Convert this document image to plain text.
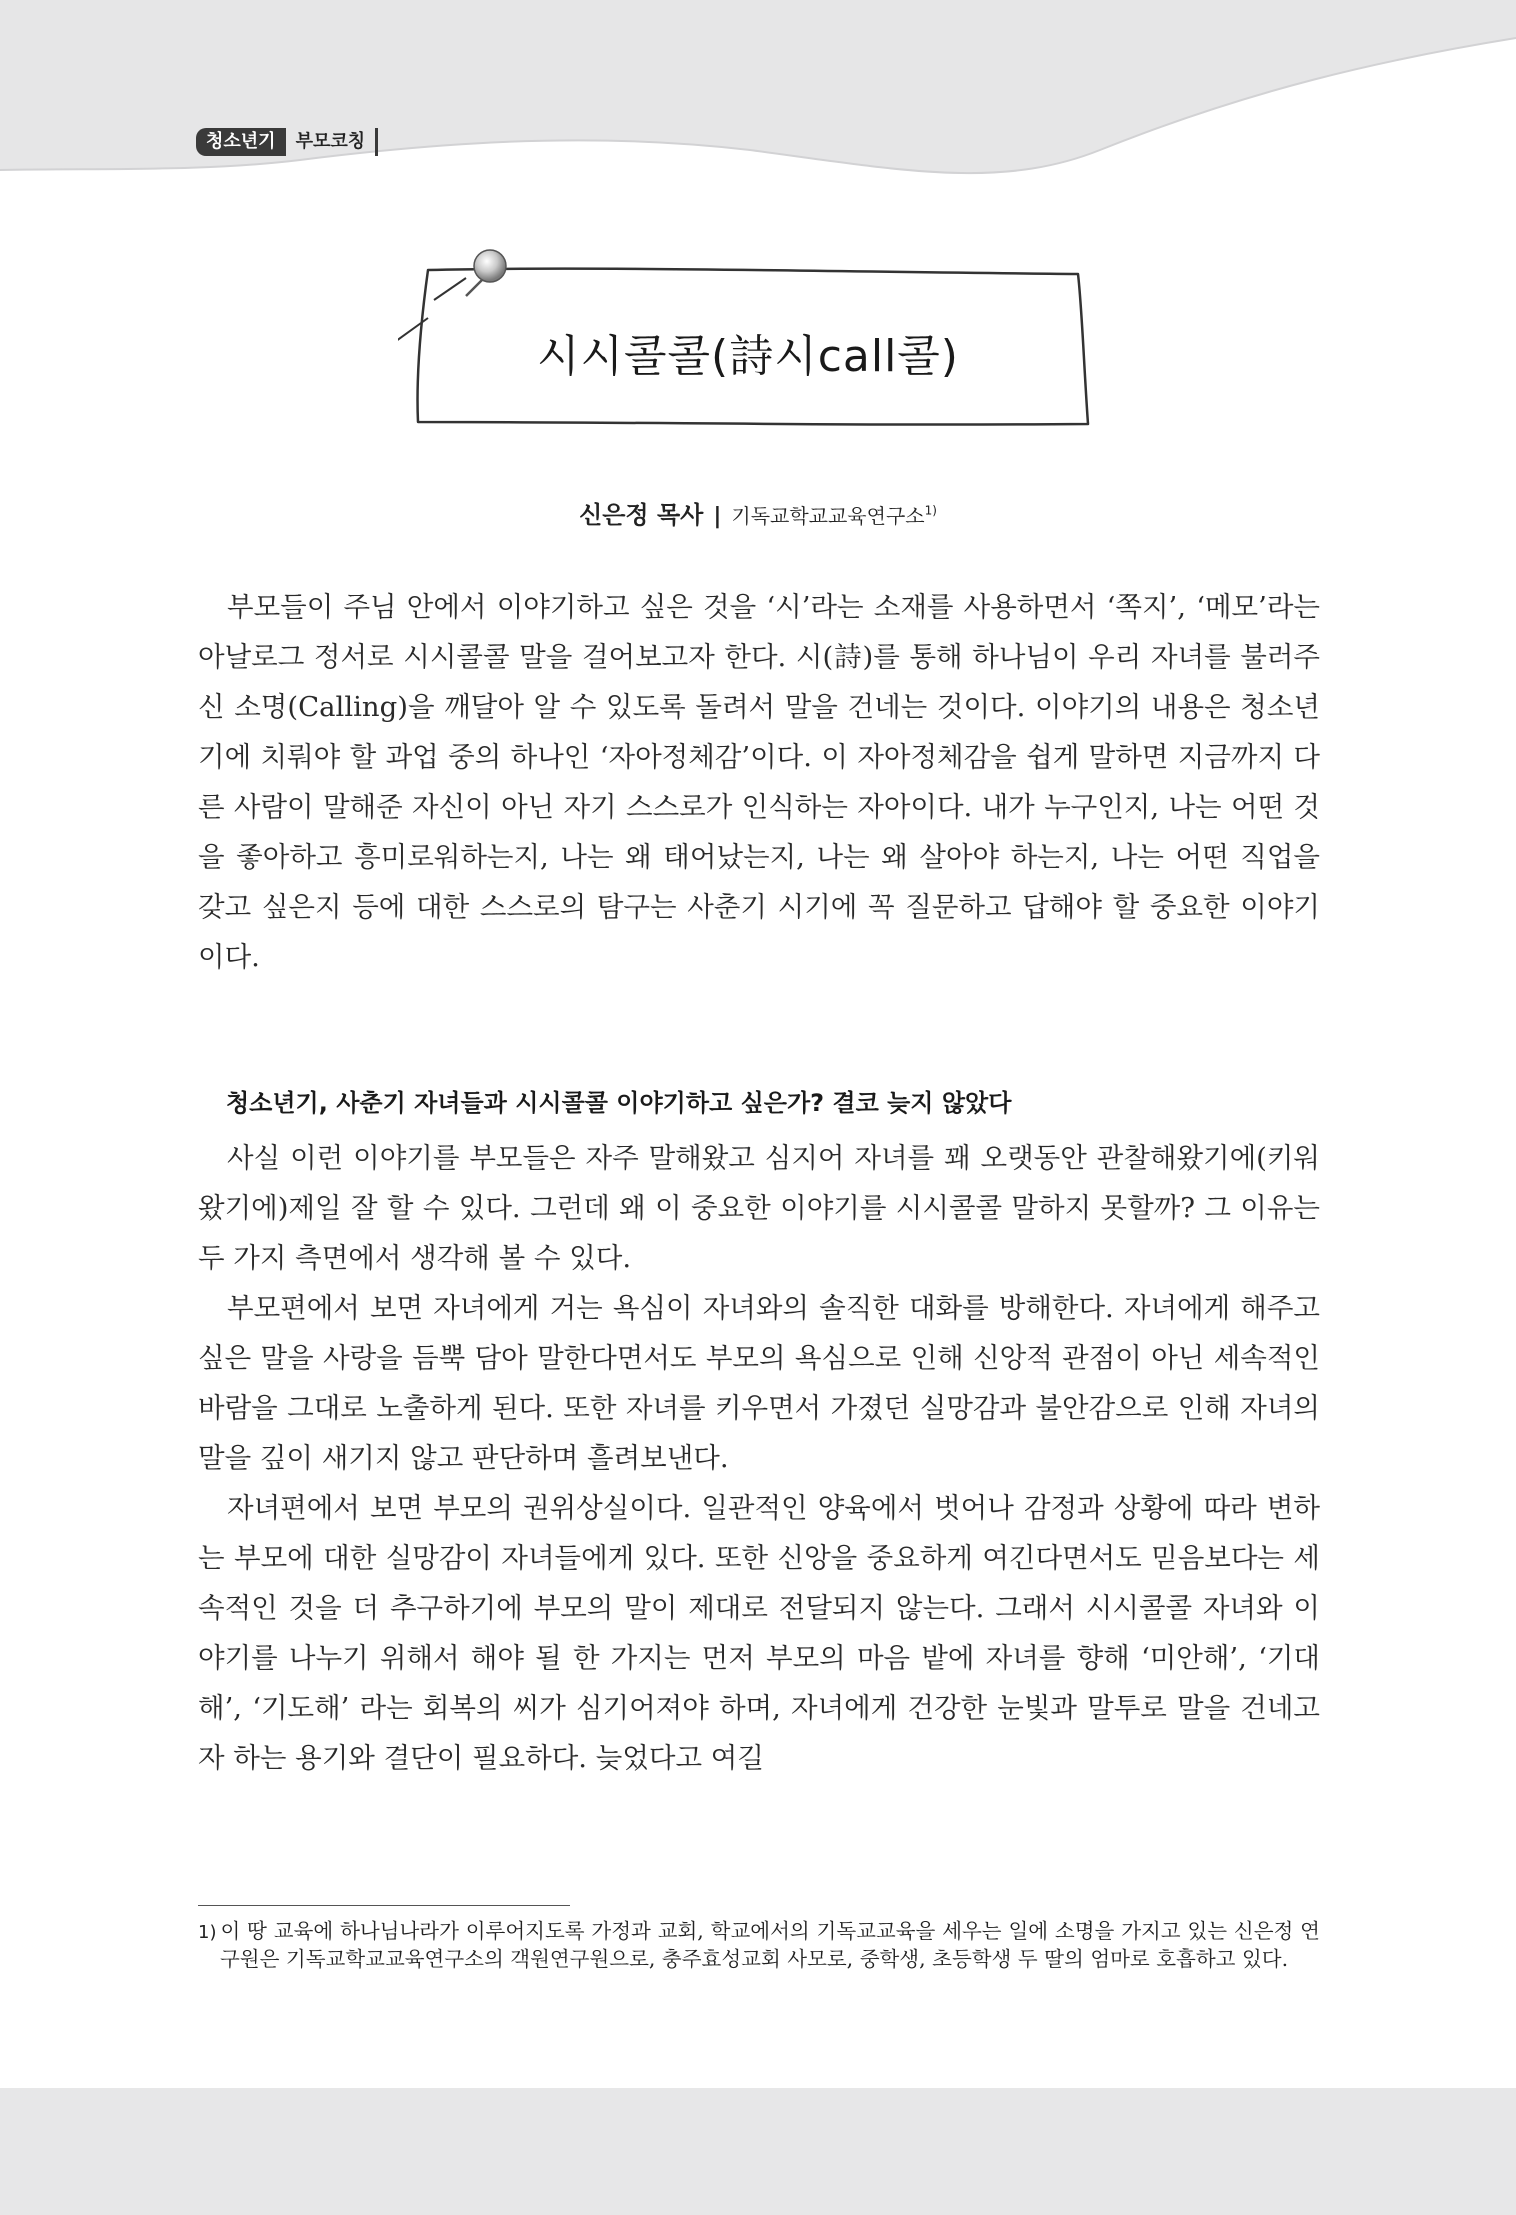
청소년기	부모코칭
시시콜콜(詩시call콜)
신은정 목사 | 기독교학교교육연구소$^{1)}$

부모들이 주님 안에서 이야기하고 싶은 것을 ‘시’라는 소재를 사용하면서 ‘쪽지’, ‘메모’라는 아날로그 정서로 시시콜콜 말을 걸어보고자 한다. 시(詩)를 통해 하나님이 우리 자녀를 불러주신 소명(Calling)을 깨달아 알 수 있도록 돌려서 말을 건네는 것이다. 이야기의 내용은 청소년기에 치뤄야 할 과업 중의 하나인 ‘자아정체감’이다. 이 자아정체감을 쉽게 말하면 지금까지 다른 사람이 말해준 자신이 아닌 자기 스스로가 인식하는 자아이다. 내가 누구인지, 나는 어떤 것을 좋아하고 흥미로워하는지, 나는 왜 태어났는지, 나는 왜 살아야 하는지, 나는 어떤 직업을 갖고 싶은지 등에 대한 스스로의 탐구는 사춘기 시기에 꼭 질문하고 답해야 할 중요한 이야기 이다.

청소년기, 사춘기 자녀들과 시시콜콜 이야기하고 싶은가? 결코 늦지 않았다

사실 이런 이야기를 부모들은 자주 말해왔고 심지어 자녀를 꽤 오랫동안 관찰해왔기에(키워왔기에)제일 잘 할 수 있다. 그런데 왜 이 중요한 이야기를 시시콜콜 말하지 못할까? 그 이유는 두 가지 측면에서 생각해 볼 수 있다.

부모편에서 보면 자녀에게 거는 욕심이 자녀와의 솔직한 대화를 방해한다. 자녀에게 해주고 싶은 말을 사랑을 듬뿍 담아 말한다면서도 부모의 욕심으로 인해 신앙적 관점이 아닌 세속적인 바람을 그대로 노출하게 된다. 또한 자녀를 키우면서 가졌던 실망감과 불안감으로 인해 자녀의 말을 깊이 새기지 않고 판단하며 흘려보낸다.

자녀편에서 보면 부모의 권위상실이다. 일관적인 양육에서 벗어나 감정과 상황에 따라 변하는 부모에 대한 실망감이 자녀들에게 있다. 또한 신앙을 중요하게 여긴다면서도 믿음보다는 세속적인 것을 더 추구하기에 부모의 말이 제대로 전달되지 않는다. 그래서 시시콜콜 자녀와 이야기를 나누기 위해서 해야 될 한 가지는 먼저 부모의 마음 밭에 자녀를 향해 ‘미안해’, ‘기대해’, ‘기도해’ 라는 회복의 씨가 심기어져야 하며, 자녀에게 건강한 눈빛과 말투로 말을 건네고자 하는 용기와 결단이 필요하다. 늦었다고 여길

1) 이 땅 교육에 하나님나라가 이루어지도록 가정과 교회, 학교에서의 기독교교육을 세우는 일에 소명을 가지고 있는 신은정 연구원은 기독교학교교육연구소의 객원연구원으로, 충주효성교회 사모로, 중학생, 초등학생 두 딸의 엄마로 호흡하고 있다.
